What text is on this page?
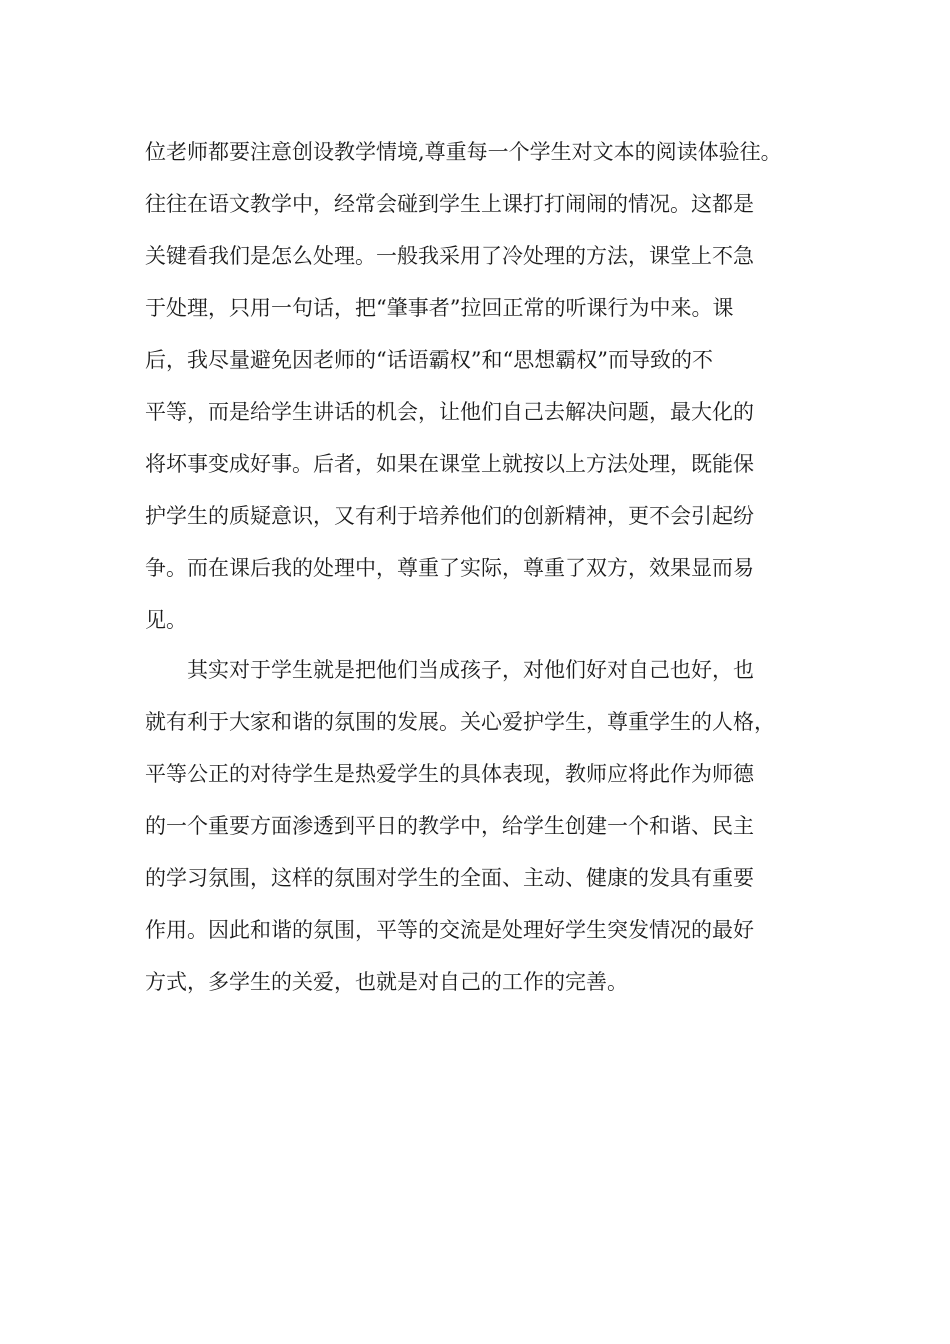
位老师都要注意创设教学情境,尊重每一个学生对文本的阅读体验往。
往往在语文教学中，经常会碰到学生上课打打闹闹的情况。这都是
关键看我们是怎么处理。一般我采用了冷处理的方法，课堂上不急
于处理，只用一句话，把“肇事者”拉回正常的听课行为中来。课
后，我尽量避免因老师的“话语霸权”和“思想霸权”而导致的不
平等，而是给学生讲话的机会，让他们自己去解决问题，最大化的
将坏事变成好事。后者，如果在课堂上就按以上方法处理，既能保
护学生的质疑意识，又有利于培养他们的创新精神，更不会引起纷
争。而在课后我的处理中，尊重了实际，尊重了双方，效果显而易
见。

　　其实对于学生就是把他们当成孩子，对他们好对自己也好，也
就有利于大家和谐的氛围的发展。关心爱护学生，尊重学生的人格，
平等公正的对待学生是热爱学生的具体表现，教师应将此作为师德
的一个重要方面渗透到平日的教学中，给学生创建一个和谐、民主
的学习氛围，这样的氛围对学生的全面、主动、健康的发具有重要
作用。因此和谐的氛围，平等的交流是处理好学生突发情况的最好
方式，多学生的关爱，也就是对自己的工作的完善。
